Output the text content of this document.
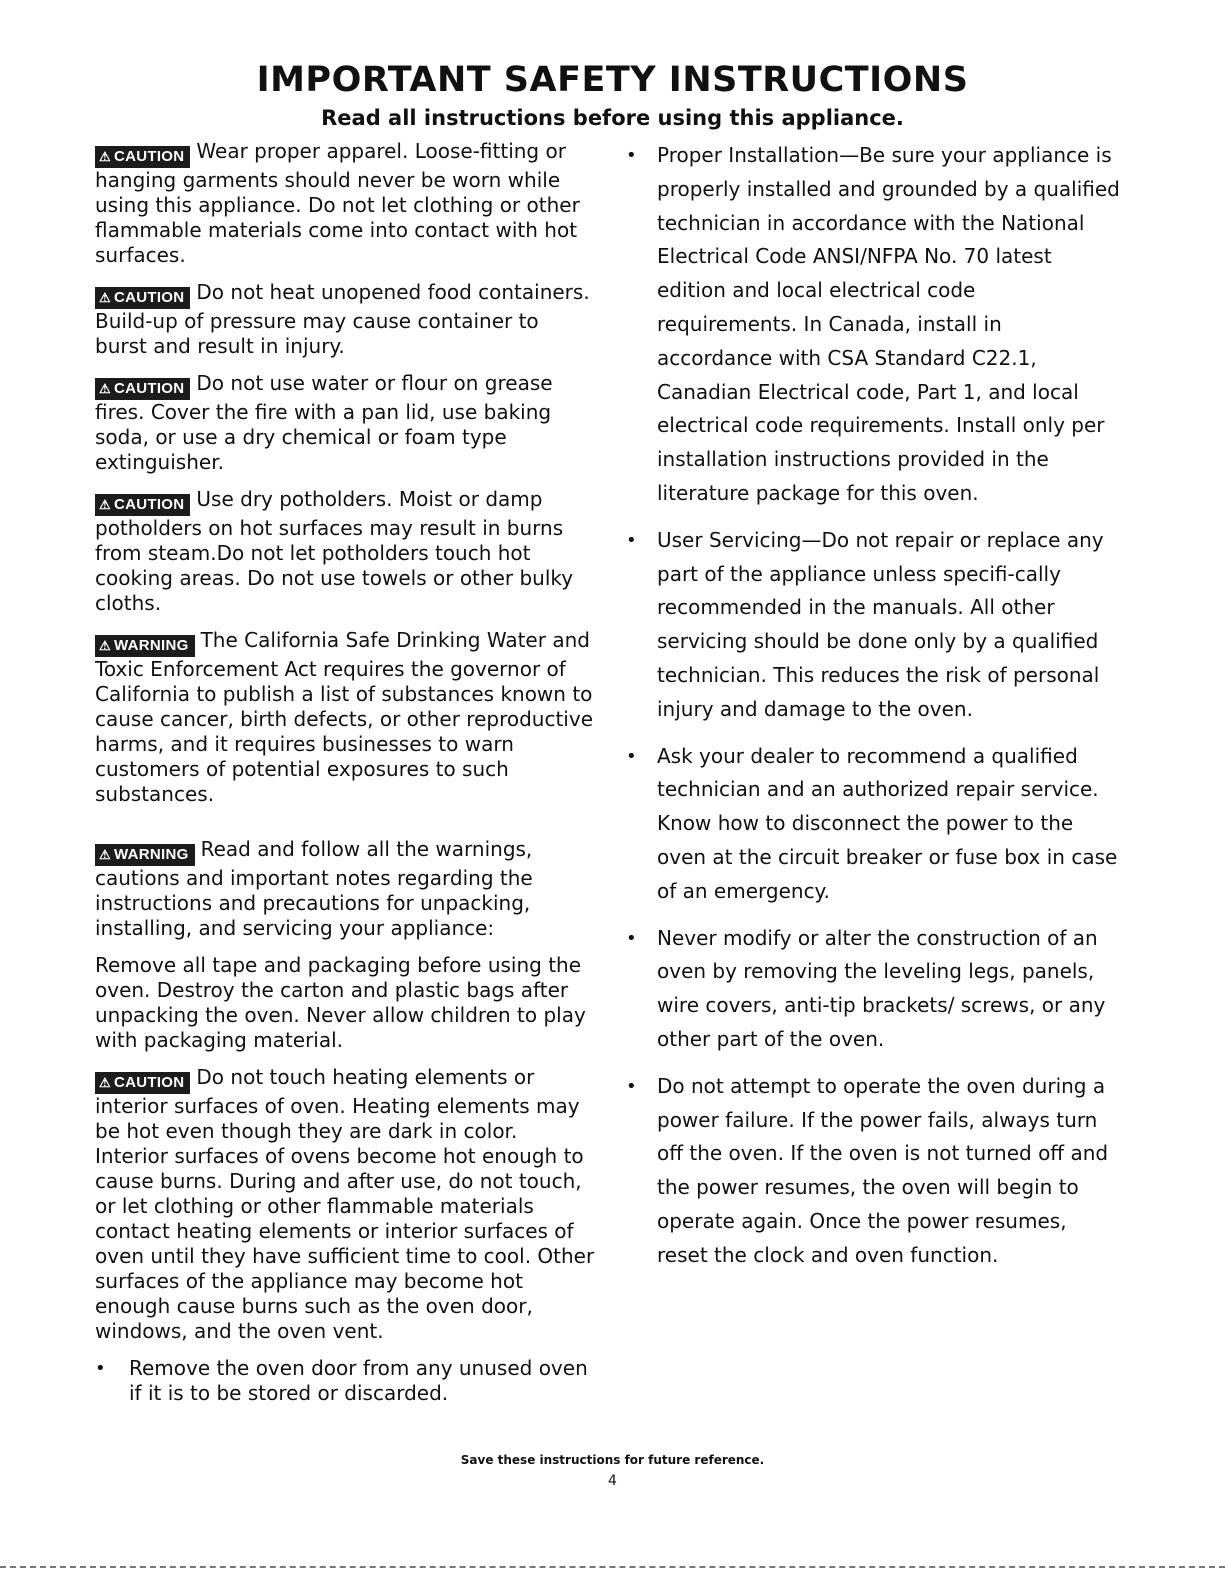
IMPORTANT SAFETY INSTRUCTIONS
Read all instructions before using this appliance.

⚠ CAUTION Wear proper apparel. Loose-fitting or hanging garments should never be worn while using this appliance. Do not let clothing or other flammable materials come into contact with hot surfaces.

⚠ CAUTION Do not heat unopened food containers. Build-up of pressure may cause container to burst and result in injury.

⚠ CAUTION Do not use water or flour on grease fires. Cover the fire with a pan lid, use baking soda, or use a dry chemical or foam type extinguisher.

⚠ CAUTION Use dry potholders. Moist or damp potholders on hot surfaces may result in burns from steam.Do not let potholders touch hot cooking areas. Do not use towels or other bulky cloths.

⚠ WARNING The California Safe Drinking Water and Toxic Enforcement Act requires the governor of California to publish a list of substances known to cause cancer, birth defects, or other reproductive harms, and it requires businesses to warn customers of potential exposures to such substances.

⚠ WARNING Read and follow all the warnings, cautions and important notes regarding the instructions and precautions for unpacking, installing, and servicing your appliance:

Remove all tape and packaging before using the oven. Destroy the carton and plastic bags after unpacking the oven. Never allow children to play with packaging material.

⚠ CAUTION Do not touch heating elements or interior surfaces of oven. Heating elements may be hot even though they are dark in color. Interior surfaces of ovens become hot enough to cause burns. During and after use, do not touch, or let clothing or other flammable materials contact heating elements or interior surfaces of oven until they have sufficient time to cool. Other surfaces of the appliance may become hot enough cause burns such as the oven door, windows, and the oven vent.

• Remove the oven door from any unused oven if it is to be stored or discarded.
• Proper Installation—Be sure your appliance is properly installed and grounded by a qualified technician in accordance with the National Electrical Code ANSI/NFPA No. 70 latest edition and local electrical code requirements. In Canada, install in accordance with CSA Standard C22.1, Canadian Electrical code, Part 1, and local electrical code requirements. Install only per installation instructions provided in the literature package for this oven.
• User Servicing—Do not repair or replace any part of the appliance unless specifi-cally recommended in the manuals. All other servicing should be done only by a qualified technician. This reduces the risk of personal injury and damage to the oven.
• Ask your dealer to recommend a qualified technician and an authorized repair service. Know how to disconnect the power to the oven at the circuit breaker or fuse box in case of an emergency.
• Never modify or alter the construction of an oven by removing the leveling legs, panels, wire covers, anti-tip brackets/ screws, or any other part of the oven.
• Do not attempt to operate the oven during a power failure. If the power fails, always turn off the oven. If the oven is not turned off and the power resumes, the oven will begin to operate again. Once the power resumes, reset the clock and oven function.
Save these instructions for future reference.
4
